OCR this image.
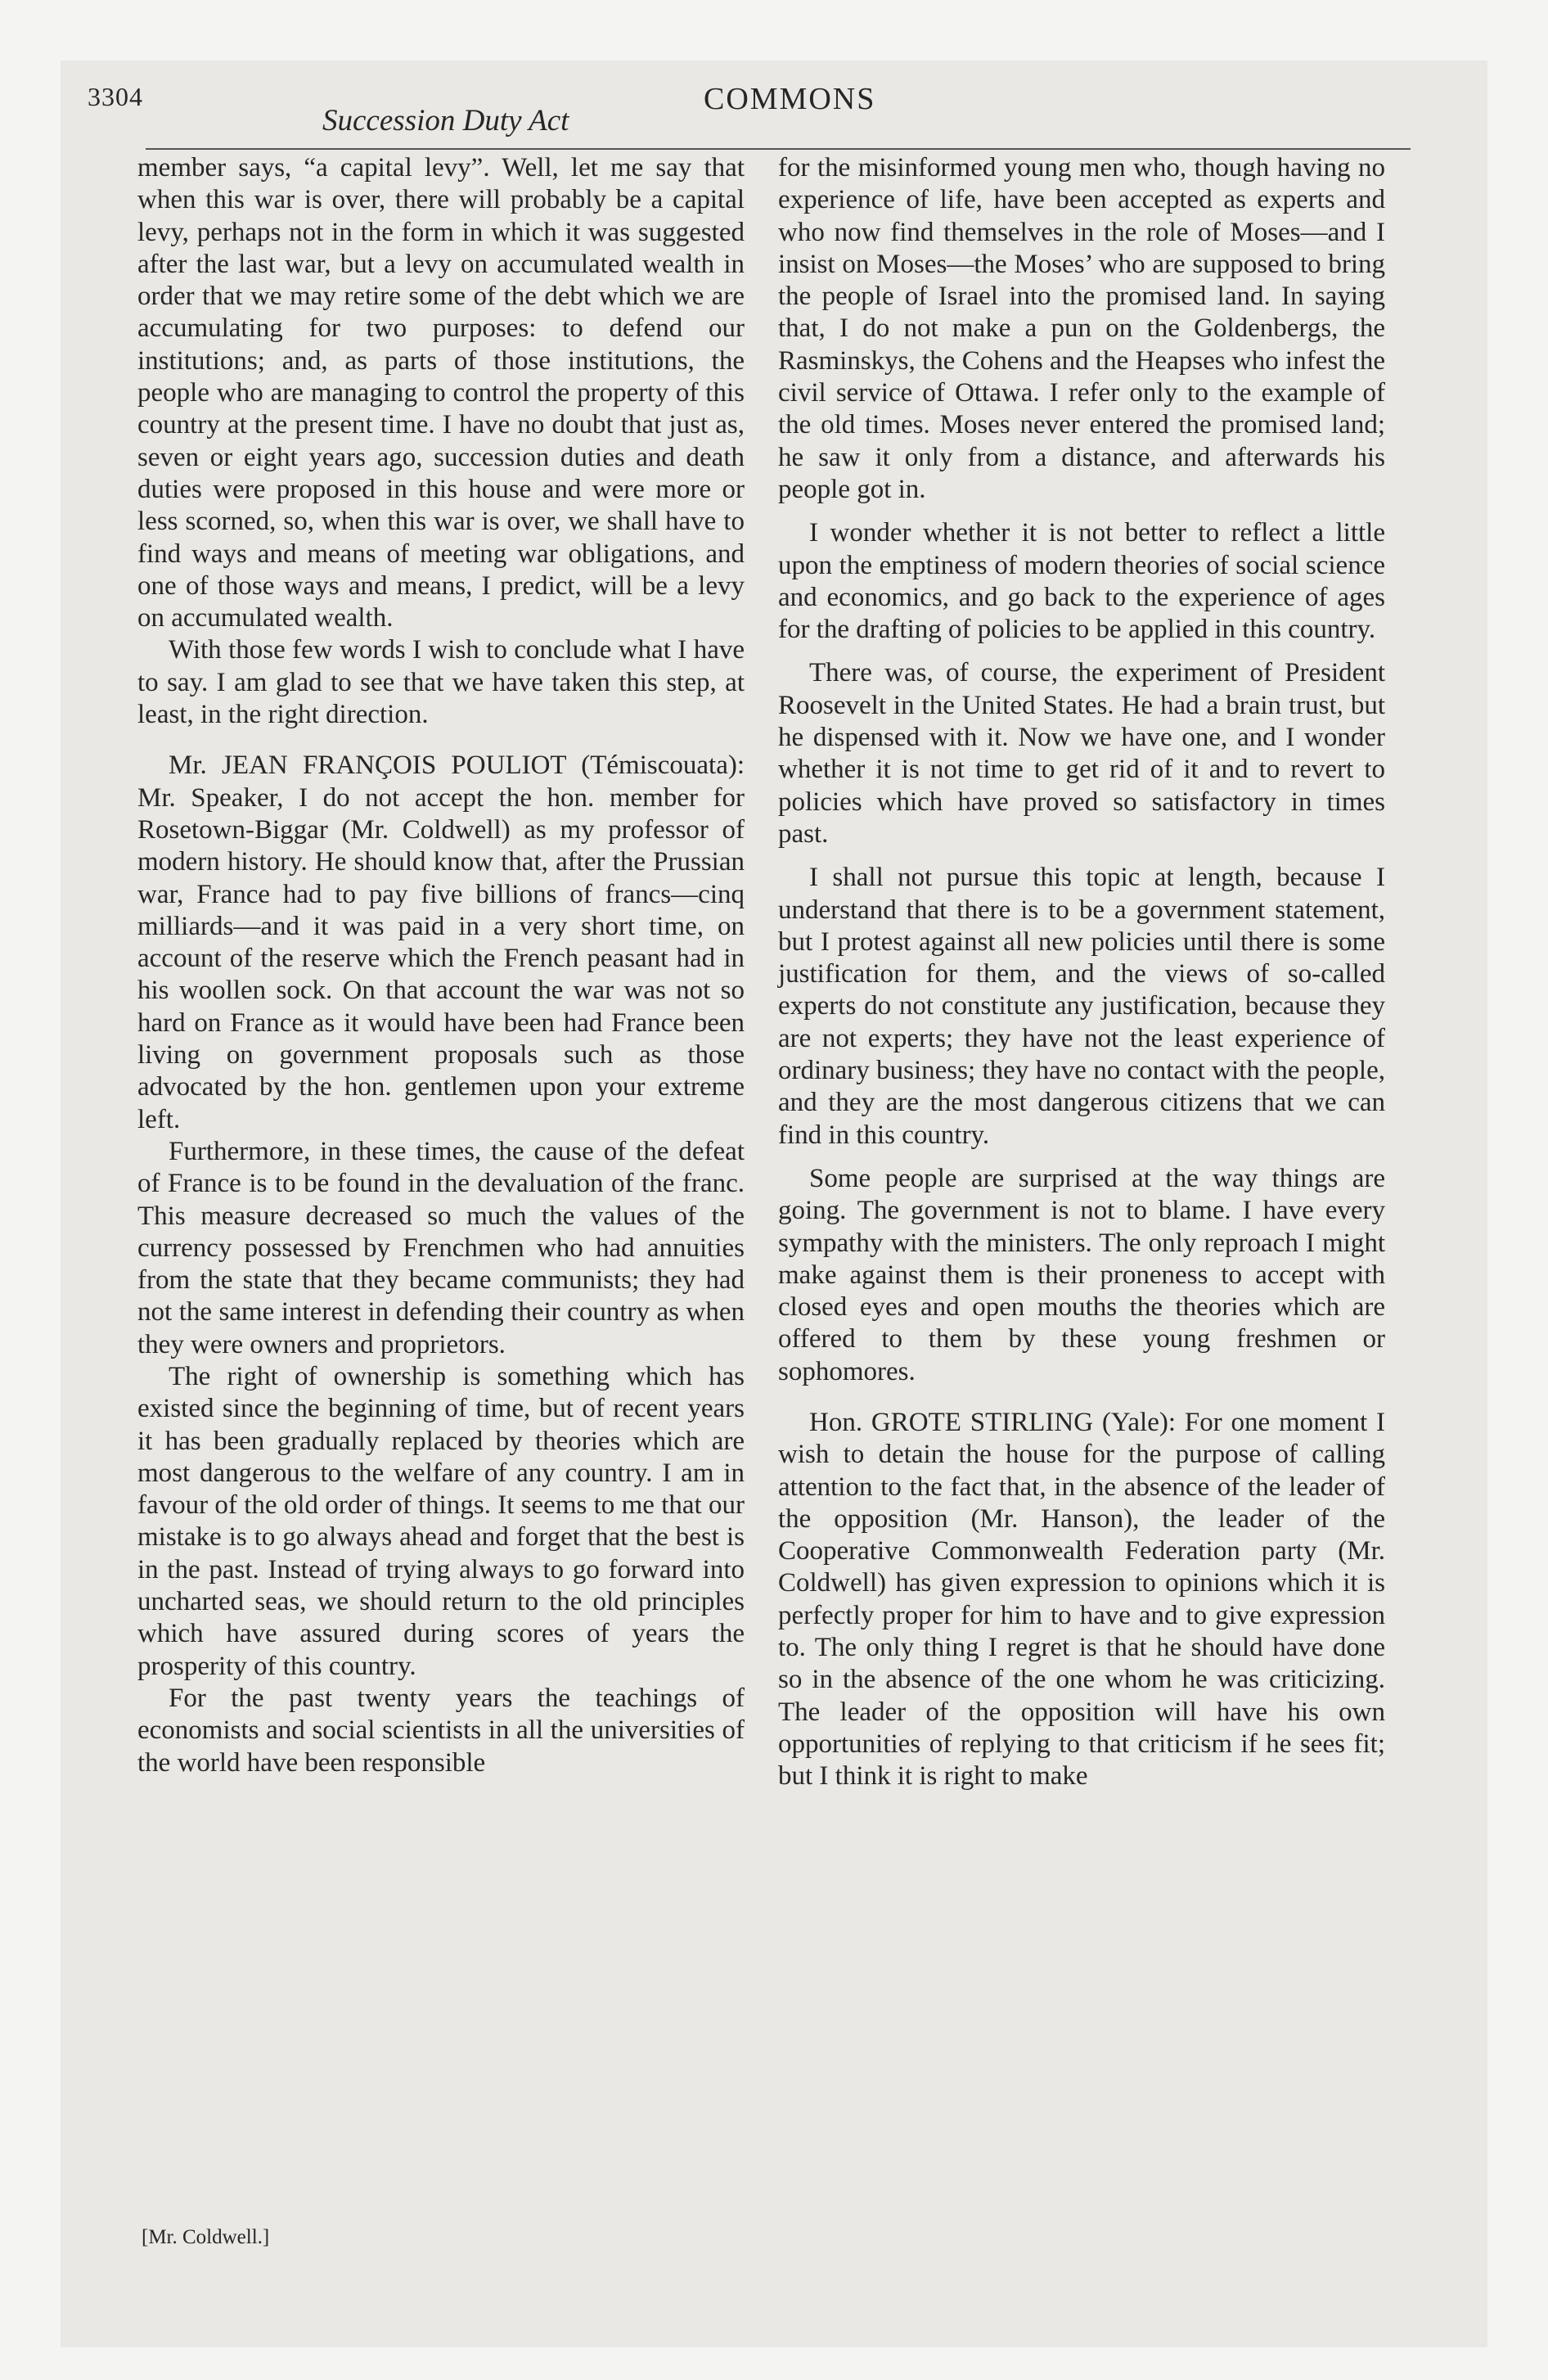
3304
Succession Duty Act
COMMONS

member says, “a capital levy”. Well, let me say that when this war is over, there will probably be a capital levy, perhaps not in the form in which it was suggested after the last war, but a levy on accumulated wealth in order that we may retire some of the debt which we are accumulating for two purposes: to defend our institutions; and, as parts of those institutions, the people who are managing to control the property of this country at the present time. I have no doubt that just as, seven or eight years ago, succession duties and death duties were proposed in this house and were more or less scorned, so, when this war is over, we shall have to find ways and means of meeting war obligations, and one of those ways and means, I predict, will be a levy on accumulated wealth.

With those few words I wish to conclude what I have to say. I am glad to see that we have taken this step, at least, in the right direction.

Mr. JEAN FRANÇOIS POULIOT (Témiscouata): Mr. Speaker, I do not accept the hon. member for Rosetown-Biggar (Mr. Coldwell) as my professor of modern history. He should know that, after the Prussian war, France had to pay five billions of francs—cinq milliards—and it was paid in a very short time, on account of the reserve which the French peasant had in his woollen sock. On that account the war was not so hard on France as it would have been had France been living on government proposals such as those advocated by the hon. gentlemen upon your extreme left.

Furthermore, in these times, the cause of the defeat of France is to be found in the devaluation of the franc. This measure decreased so much the values of the currency possessed by Frenchmen who had annuities from the state that they became communists; they had not the same interest in defending their country as when they were owners and proprietors.

The right of ownership is something which has existed since the beginning of time, but of recent years it has been gradually replaced by theories which are most dangerous to the welfare of any country. I am in favour of the old order of things. It seems to me that our mistake is to go always ahead and forget that the best is in the past. Instead of trying always to go forward into uncharted seas, we should return to the old principles which have assured during scores of years the prosperity of this country.

For the past twenty years the teachings of economists and social scientists in all the universities of the world have been responsible

for the misinformed young men who, though having no experience of life, have been accepted as experts and who now find themselves in the role of Moses—and I insist on Moses—the Moses’ who are supposed to bring the people of Israel into the promised land. In saying that, I do not make a pun on the Goldenbergs, the Rasminskys, the Cohens and the Heapses who infest the civil service of Ottawa. I refer only to the example of the old times. Moses never entered the promised land; he saw it only from a distance, and afterwards his people got in.

I wonder whether it is not better to reflect a little upon the emptiness of modern theories of social science and economics, and go back to the experience of ages for the drafting of policies to be applied in this country.

There was, of course, the experiment of President Roosevelt in the United States. He had a brain trust, but he dispensed with it. Now we have one, and I wonder whether it is not time to get rid of it and to revert to policies which have proved so satisfactory in times past.

I shall not pursue this topic at length, because I understand that there is to be a government statement, but I protest against all new policies until there is some justification for them, and the views of so-called experts do not constitute any justification, because they are not experts; they have not the least experience of ordinary business; they have no contact with the people, and they are the most dangerous citizens that we can find in this country.

Some people are surprised at the way things are going. The government is not to blame. I have every sympathy with the ministers. The only reproach I might make against them is their proneness to accept with closed eyes and open mouths the theories which are offered to them by these young freshmen or sophomores.

Hon. GROTE STIRLING (Yale): For one moment I wish to detain the house for the purpose of calling attention to the fact that, in the absence of the leader of the opposition (Mr. Hanson), the leader of the Cooperative Commonwealth Federation party (Mr. Coldwell) has given expression to opinions which it is perfectly proper for him to have and to give expression to. The only thing I regret is that he should have done so in the absence of the one whom he was criticizing. The leader of the opposition will have his own opportunities of replying to that criticism if he sees fit; but I think it is right to make

[Mr. Coldwell.]
